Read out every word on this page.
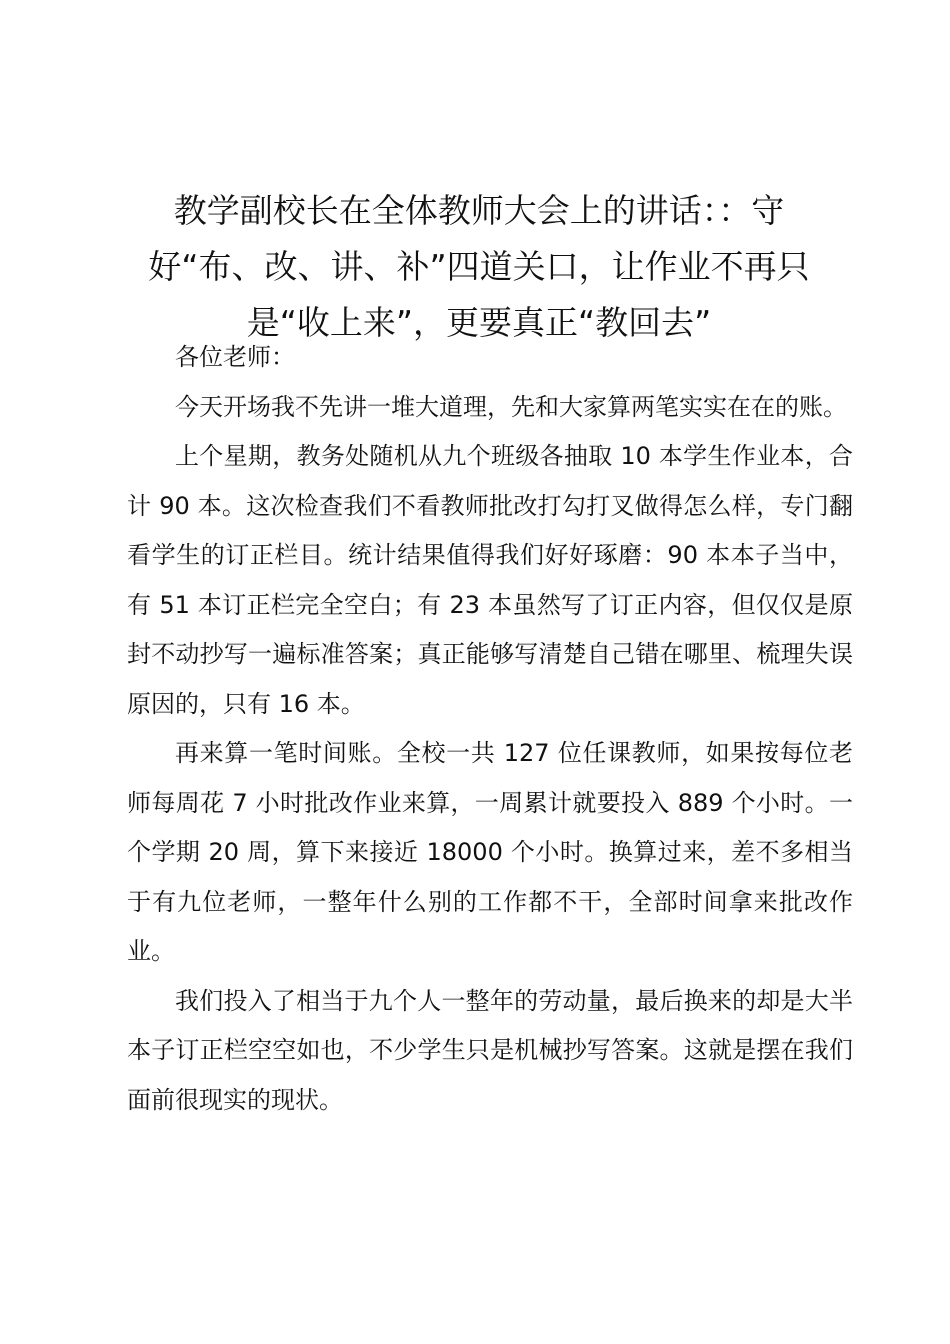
教学副校长在全体教师大会上的讲话：：守好“布、改、讲、补”四道关口，让作业不再只是“收上来”，更要真正“教回去”

各位老师：

今天开场我不先讲一堆大道理，先和大家算两笔实实在在的账。

上个星期，教务处随机从九个班级各抽取 10 本学生作业本，合计 90 本。这次检查我们不看教师批改打勾打叉做得怎么样，专门翻看学生的订正栏目。统计结果值得我们好好琢磨：90 本本子当中，有 51 本订正栏完全空白；有 23 本虽然写了订正内容，但仅仅是原封不动抄写一遍标准答案；真正能够写清楚自己错在哪里、梳理失误原因的，只有 16 本。

再来算一笔时间账。全校一共 127 位任课教师，如果按每位老师每周花 7 小时批改作业来算，一周累计就要投入 889 个小时。一个学期 20 周，算下来接近 18000 个小时。换算过来，差不多相当于有九位老师，一整年什么别的工作都不干，全部时间拿来批改作业。

我们投入了相当于九个人一整年的劳动量，最后换来的却是大半本子订正栏空空如也，不少学生只是机械抄写答案。这就是摆在我们面前很现实的现状。
